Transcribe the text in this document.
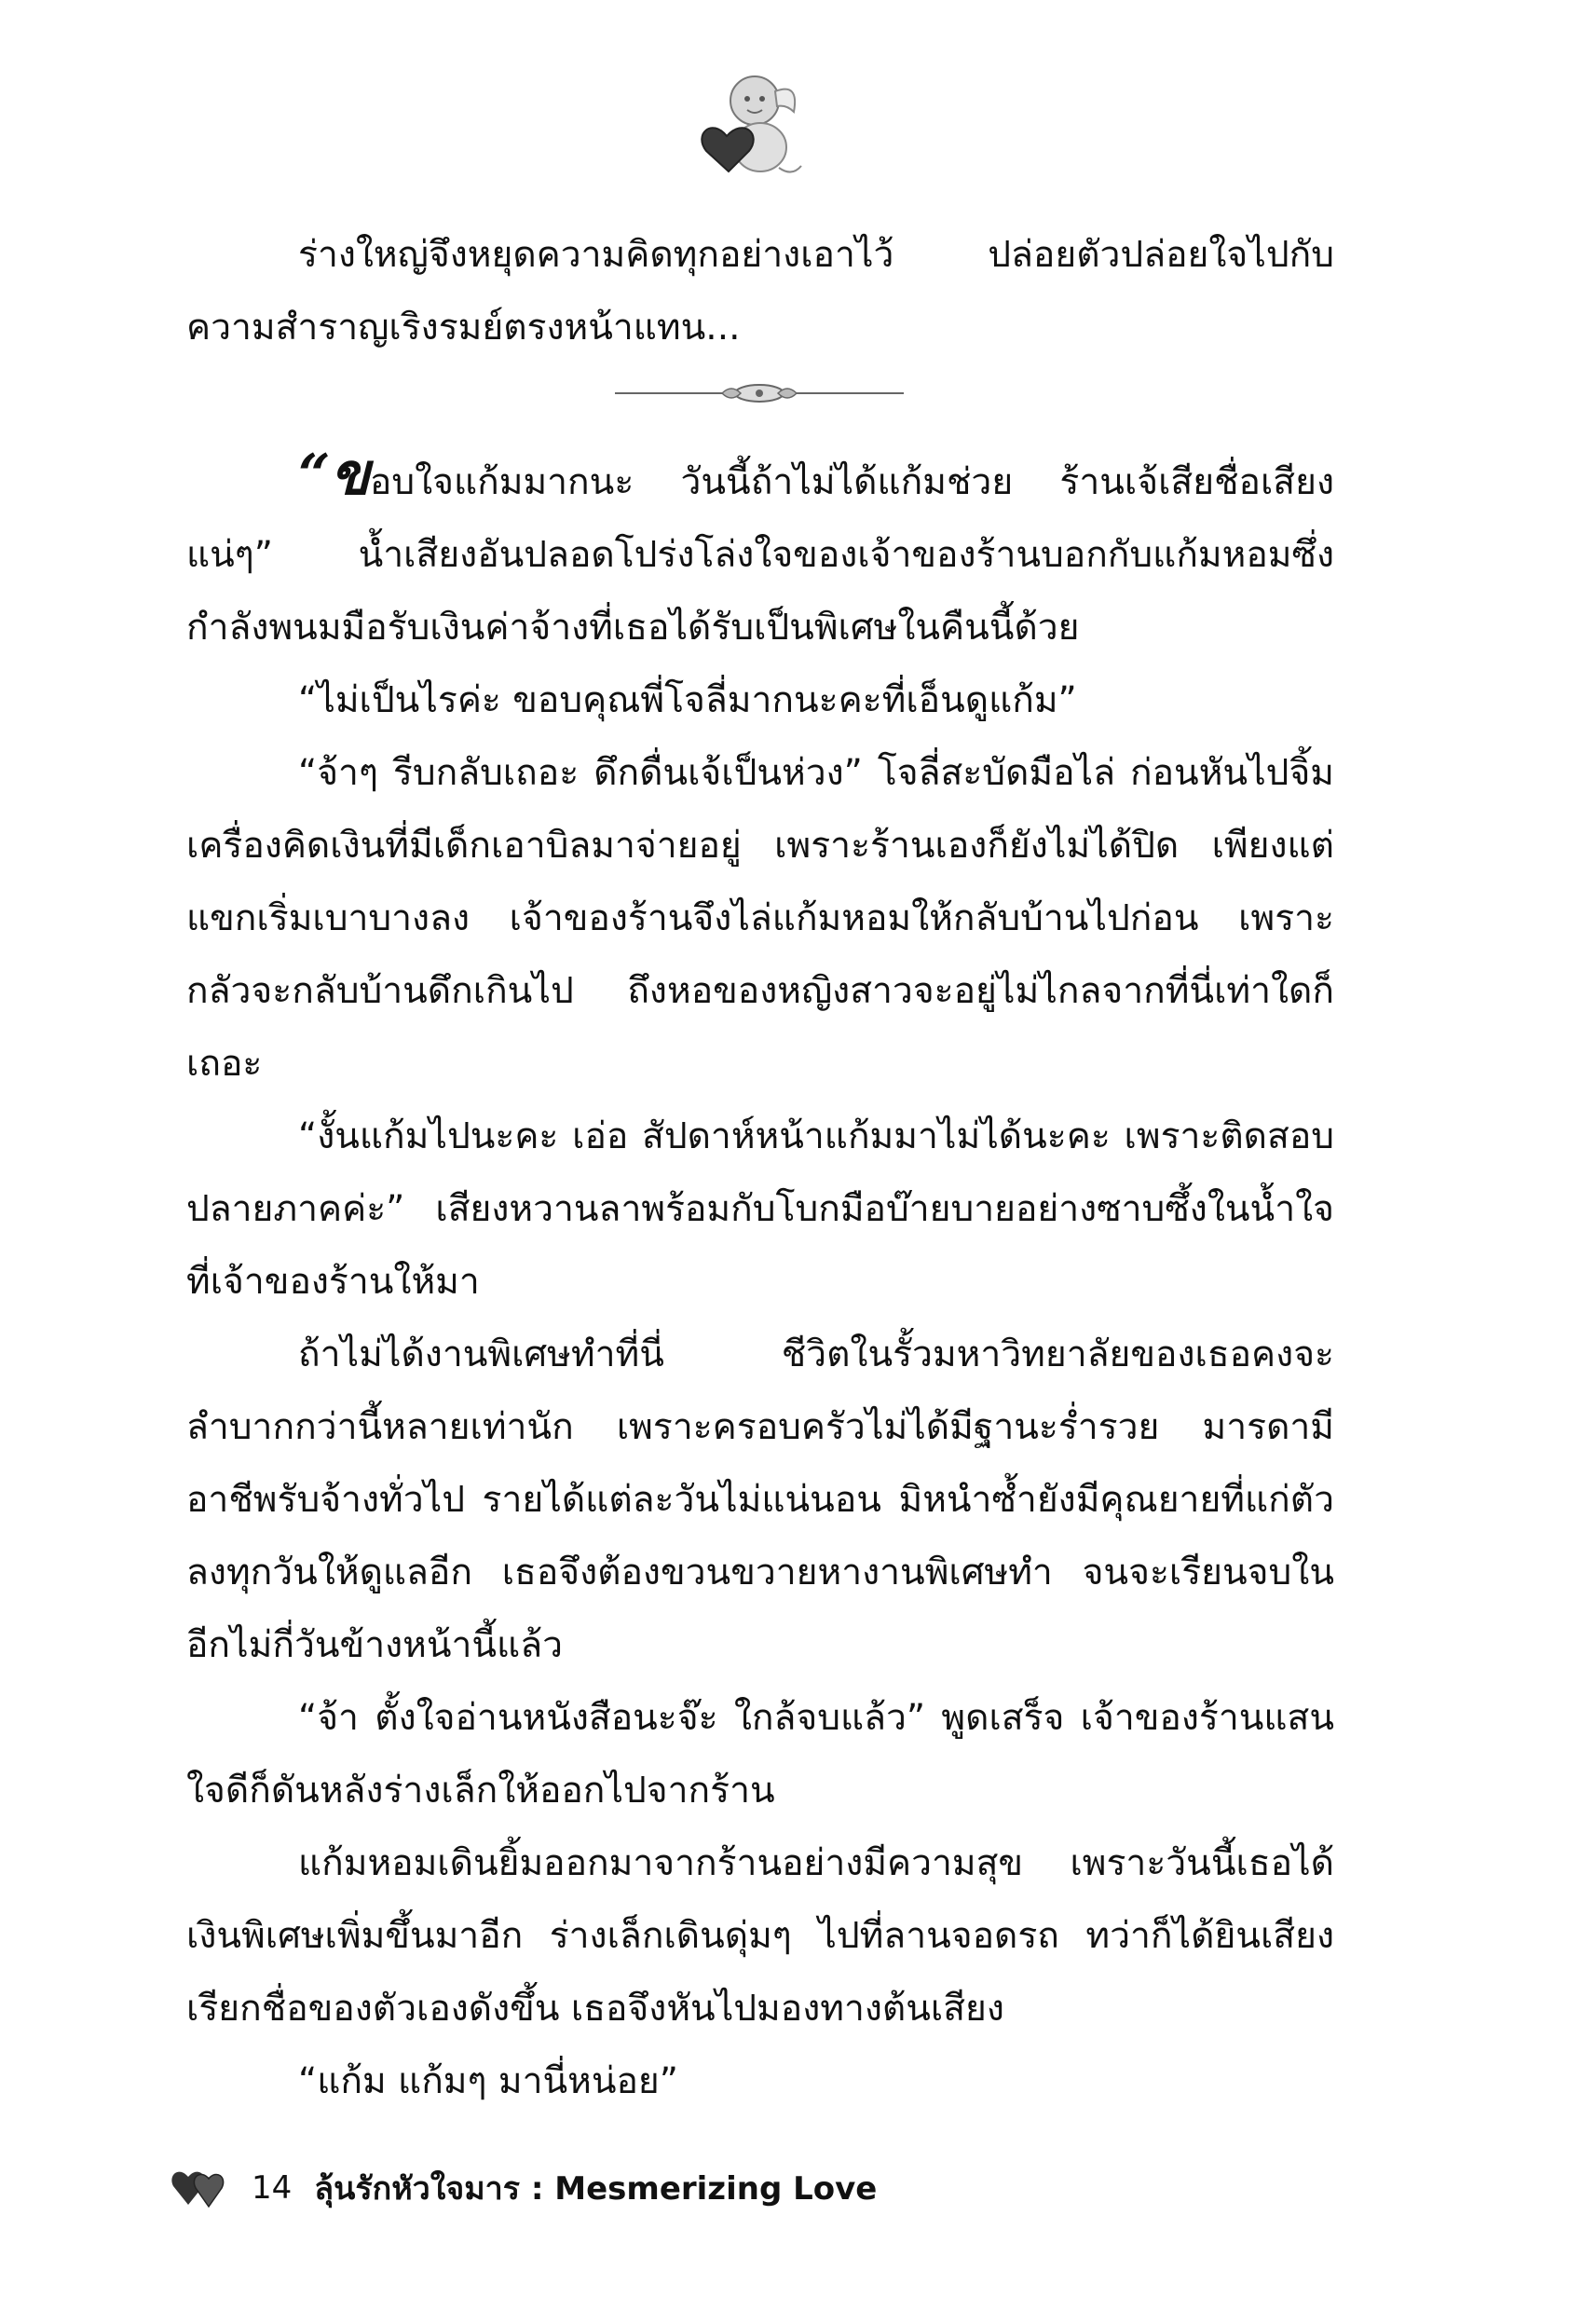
ร่างใหญ่จึงหยุดความคิดทุกอย่างเอาไว้ ปล่อยตัวปล่อยใจไปกับความสำราญเริงรมย์ตรงหน้าแทน...

“ขอบใจแก้มมากนะ วันนี้ถ้าไม่ได้แก้มช่วย ร้านเจ้เสียชื่อเสียงแน่ๆ” น้ำเสียงอันปลอดโปร่งโล่งใจของเจ้าของร้านบอกกับแก้มหอมซึ่งกำลังพนมมือรับเงินค่าจ้างที่เธอได้รับเป็นพิเศษในคืนนี้ด้วย

“ไม่เป็นไรค่ะ ขอบคุณพี่โจลี่มากนะคะที่เอ็นดูแก้ม”

“จ้าๆ รีบกลับเถอะ ดึกดื่นเจ้เป็นห่วง” โจลี่สะบัดมือไล่ ก่อนหันไปจิ้มเครื่องคิดเงินที่มีเด็กเอาบิลมาจ่ายอยู่ เพราะร้านเองก็ยังไม่ได้ปิด เพียงแต่แขกเริ่มเบาบางลง เจ้าของร้านจึงไล่แก้มหอมให้กลับบ้านไปก่อน เพราะกลัวจะกลับบ้านดึกเกินไป ถึงหอของหญิงสาวจะอยู่ไม่ไกลจากที่นี่เท่าใดก็เถอะ

“งั้นแก้มไปนะคะ เอ่อ สัปดาห์หน้าแก้มมาไม่ได้นะคะ เพราะติดสอบปลายภาคค่ะ” เสียงหวานลาพร้อมกับโบกมือบ๊ายบายอย่างซาบซึ้งในน้ำใจที่เจ้าของร้านให้มา

ถ้าไม่ได้งานพิเศษทำที่นี่ ชีวิตในรั้วมหาวิทยาลัยของเธอคงจะลำบากกว่านี้หลายเท่านัก เพราะครอบครัวไม่ได้มีฐานะร่ำรวย มารดามีอาชีพรับจ้างทั่วไป รายได้แต่ละวันไม่แน่นอน มิหนำซ้ำยังมีคุณยายที่แก่ตัวลงทุกวันให้ดูแลอีก เธอจึงต้องขวนขวายหางานพิเศษทำ จนจะเรียนจบในอีกไม่กี่วันข้างหน้านี้แล้ว

“จ้า ตั้งใจอ่านหนังสือนะจ๊ะ ใกล้จบแล้ว” พูดเสร็จ เจ้าของร้านแสนใจดีก็ดันหลังร่างเล็กให้ออกไปจากร้าน

แก้มหอมเดินยิ้มออกมาจากร้านอย่างมีความสุข เพราะวันนี้เธอได้เงินพิเศษเพิ่มขึ้นมาอีก ร่างเล็กเดินดุ่มๆ ไปที่ลานจอดรถ ทว่าก็ได้ยินเสียงเรียกชื่อของตัวเองดังขึ้น เธอจึงหันไปมองทางต้นเสียง

“แก้ม แก้มๆ มานี่หน่อย”

14 ลุ้นรักหัวใจมาร : Mesmerizing Love
